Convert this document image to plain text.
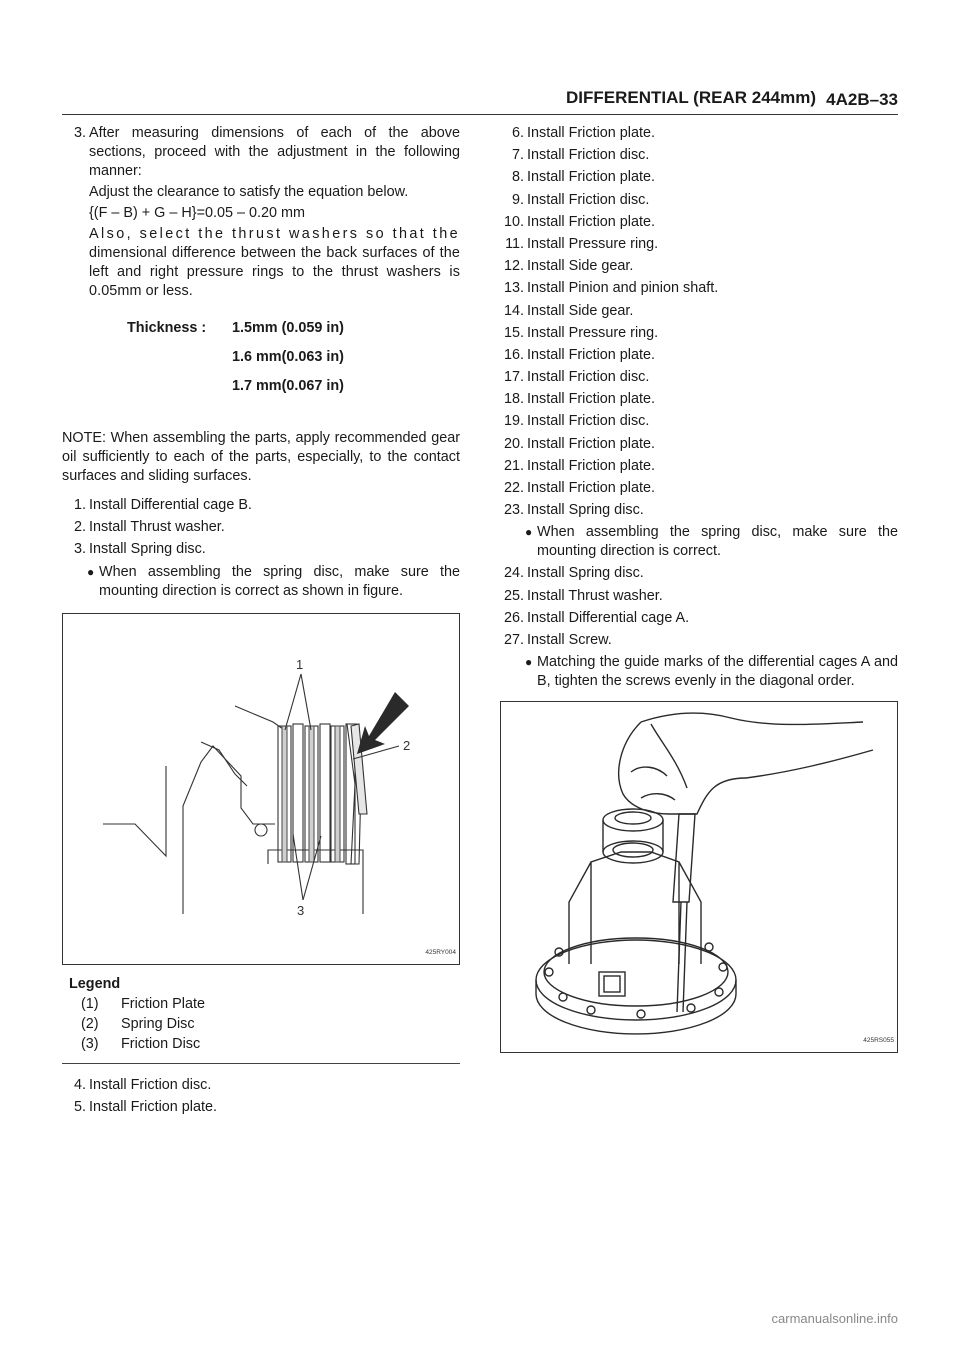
DIFFERENTIAL (REAR 244mm) 4A2B–33
3. After measuring dimensions of each of the above sections, proceed with the adjustment in the following manner:

Adjust the clearance to satisfy the equation below.

{(F – B) + G – H}=0.05 – 0.20 mm

Also, select the thrust washers so that the dimensional difference between the back surfaces of the left and right pressure rings to the thrust washers is 0.05mm or less.

Thickness : 1.5mm (0.059 in)
1.6 mm(0.063 in)
1.7 mm(0.067 in)
NOTE: When assembling the parts, apply recommended gear oil sufficiently to each of the parts, especially, to the contact surfaces and sliding surfaces.
1. Install Differential cage B.
2. Install Thrust washer.
3. Install Spring disc.
● When assembling the spring disc, make sure the mounting direction is correct as shown in figure.
1
2
3
425RY004
Legend
(1) Friction Plate
(2) Spring Disc
(3) Friction Disc
4. Install Friction disc.
5. Install Friction plate.
6. Install Friction plate.
7. Install Friction disc.
8. Install Friction plate.
9. Install Friction disc.
10. Install Friction plate.
11. Install Pressure ring.
12. Install Side gear.
13. Install Pinion and pinion shaft.
14. Install Side gear.
15. Install Pressure ring.
16. Install Friction plate.
17. Install Friction disc.
18. Install Friction plate.
19. Install Friction disc.
20. Install Friction plate.
21. Install Friction plate.
22. Install Friction plate.
23. Install Spring disc.
● When assembling the spring disc, make sure the mounting direction is correct.
24. Install Spring disc.
25. Install Thrust washer.
26. Install Differential cage A.
27. Install Screw.
● Matching the guide marks of the differential cages A and B, tighten the screws evenly in the diagonal order.
425RS055
carmanualsonline.info
